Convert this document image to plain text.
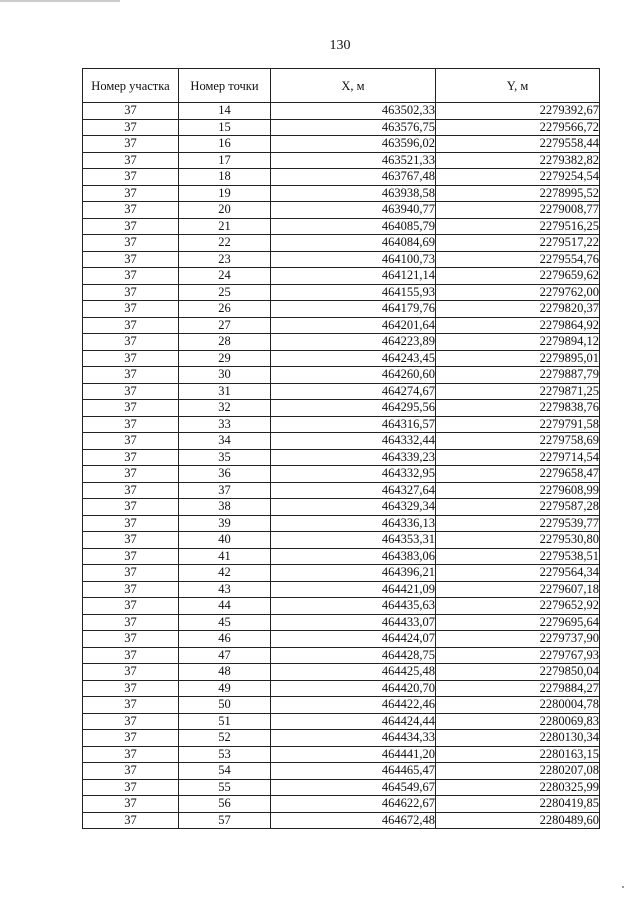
130
Номер участка	Номер точки	X, м	Y, м
37	14	463502,33	2279392,67
37	15	463576,75	2279566,72
37	16	463596,02	2279558,44
37	17	463521,33	2279382,82
37	18	463767,48	2279254,54
37	19	463938,58	2278995,52
37	20	463940,77	2279008,77
37	21	464085,79	2279516,25
37	22	464084,69	2279517,22
37	23	464100,73	2279554,76
37	24	464121,14	2279659,62
37	25	464155,93	2279762,00
37	26	464179,76	2279820,37
37	27	464201,64	2279864,92
37	28	464223,89	2279894,12
37	29	464243,45	2279895,01
37	30	464260,60	2279887,79
37	31	464274,67	2279871,25
37	32	464295,56	2279838,76
37	33	464316,57	2279791,58
37	34	464332,44	2279758,69
37	35	464339,23	2279714,54
37	36	464332,95	2279658,47
37	37	464327,64	2279608,99
37	38	464329,34	2279587,28
37	39	464336,13	2279539,77
37	40	464353,31	2279530,80
37	41	464383,06	2279538,51
37	42	464396,21	2279564,34
37	43	464421,09	2279607,18
37	44	464435,63	2279652,92
37	45	464433,07	2279695,64
37	46	464424,07	2279737,90
37	47	464428,75	2279767,93
37	48	464425,48	2279850,04
37	49	464420,70	2279884,27
37	50	464422,46	2280004,78
37	51	464424,44	2280069,83
37	52	464434,33	2280130,34
37	53	464441,20	2280163,15
37	54	464465,47	2280207,08
37	55	464549,67	2280325,99
37	56	464622,67	2280419,85
37	57	464672,48	2280489,60
